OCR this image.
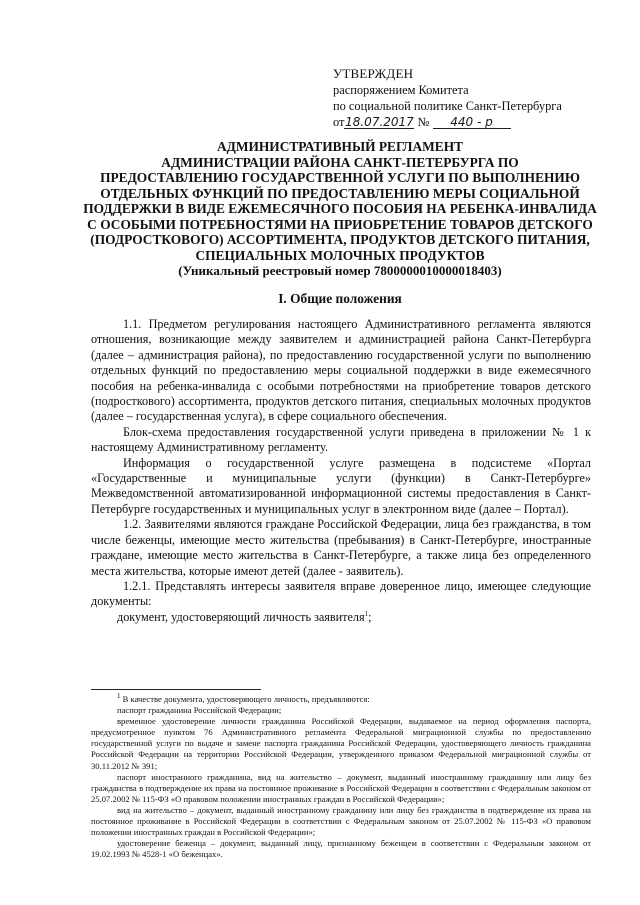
УТВЕРЖДЕН
распоряжением Комитета
по социальной политике Санкт-Петербурга
от18.07.2017 № 440 - р
АДМИНИСТРАТИВНЫЙ РЕГЛАМЕНТ
АДМИНИСТРАЦИИ РАЙОНА САНКТ-ПЕТЕРБУРГА ПО
ПРЕДОСТАВЛЕНИЮ ГОСУДАРСТВЕННОЙ УСЛУГИ ПО ВЫПОЛНЕНИЮ
ОТДЕЛЬНЫХ ФУНКЦИЙ ПО ПРЕДОСТАВЛЕНИЮ МЕРЫ СОЦИАЛЬНОЙ
ПОДДЕРЖКИ В ВИДЕ ЕЖЕМЕСЯЧНОГО ПОСОБИЯ НА РЕБЕНКА-ИНВАЛИДА
С ОСОБЫМИ ПОТРЕБНОСТЯМИ НА ПРИОБРЕТЕНИЕ ТОВАРОВ ДЕТСКОГО
(ПОДРОСТКОВОГО) АССОРТИМЕНТА, ПРОДУКТОВ ДЕТСКОГО ПИТАНИЯ,
СПЕЦИАЛЬНЫХ МОЛОЧНЫХ ПРОДУКТОВ
(Уникальный реестровый номер 7800000010000018403)
I. Общие положения

1.1. Предметом регулирования настоящего Административного регламента являются отношения, возникающие между заявителем и администрацией района Санкт-Петербурга (далее – администрация района), по предоставлению государственной услуги по выполнению отдельных функций по предоставлению меры социальной поддержки в виде ежемесячного пособия на ребенка-инвалида с особыми потребностями на приобретение товаров детского (подросткового) ассортимента, продуктов детского питания, специальных молочных продуктов (далее – государственная услуга), в сфере социального обеспечения.

Блок-схема предоставления государственной услуги приведена в приложении № 1 к настоящему Административному регламенту.

Информация о государственной услуге размещена в подсистеме «Портал «Государственные и муниципальные услуги (функции) в Санкт-Петербурге» Межведомственной автоматизированной информационной системы предоставления в Санкт-Петербурге государственных и муниципальных услуг в электронном виде (далее – Портал).

1.2. Заявителями являются граждане Российской Федерации, лица без гражданства, в том числе беженцы, имеющие место жительства (пребывания) в Санкт-Петербурге, иностранные граждане, имеющие место жительства в Санкт-Петербурге, а также лица без определенного места жительства, которые имеют детей (далее - заявитель).

1.2.1. Представлять интересы заявителя вправе доверенное лицо, имеющее следующие документы:

документ, удостоверяющий личность заявителя$^1$;

$^1$ В качестве документа, удостоверяющего личность, предъявляются:

паспорт гражданина Российской Федерации;

временное удостоверение личности гражданина Российской Федерации, выдаваемое на период оформления паспорта, предусмотренное пунктом 76 Административного регламента Федеральной миграционной службы по предоставлению государственной услуги по выдаче и замене паспорта гражданина Российской Федерации, удостоверяющего личность гражданина Российской Федерации на территории Российской Федерации, утвержденного приказом Федеральной миграционной службы от 30.11.2012 № 391;

паспорт иностранного гражданина, вид на жительство – документ, выданный иностранному гражданину или лицу без гражданства в подтверждение их права на постоянное проживание в Российской Федерации в соответствии с Федеральным законом от 25.07.2002 № 115-ФЗ «О правовом положении иностранных граждан в Российской Федерации»;

вид на жительство – документ, выданный иностранному гражданину или лицу без гражданства в подтверждение их права на постоянное проживание в Российской Федерации в соответствии с Федеральным законом от 25.07.2002 № 115-ФЗ «О правовом положении иностранных граждан в Российской Федерации»;

удостоверение беженца – документ, выданный лицу, признанному беженцем в соответствии с Федеральным законом от 19.02.1993 № 4528-1 «О беженцах».
